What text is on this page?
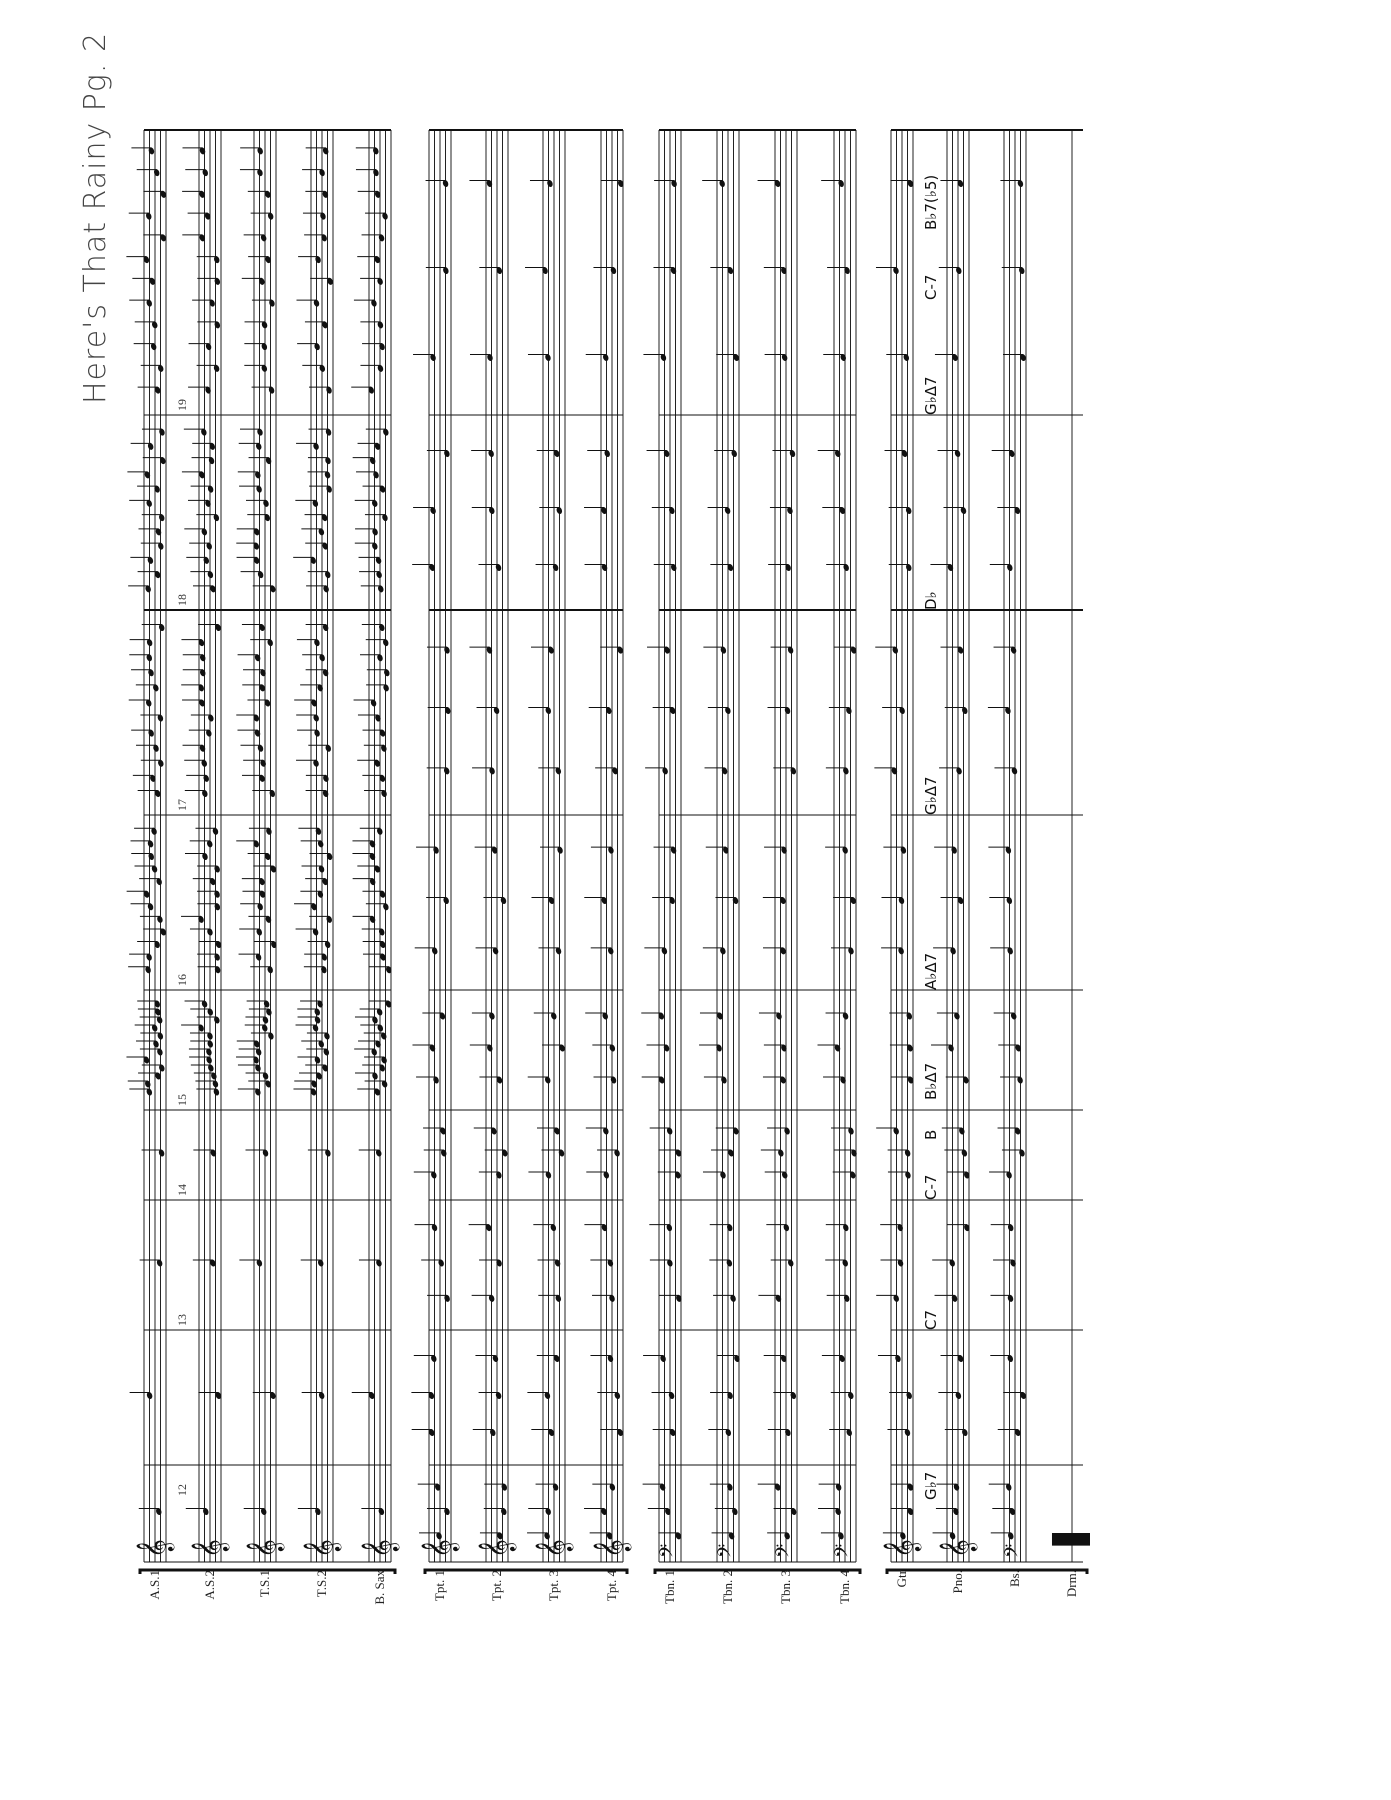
𝄞 𝄞 𝄞 𝄞 𝄞 𝄞 𝄞 𝄞 𝄞 𝄢 𝄢 𝄢 𝄢 𝄞 𝄞 𝄢 ▐
Here's That Rainy Pg. 2
A.S.1	A.S.2	T.S.1	T.S.2	B. Sax	Tpt. 1	Tpt. 2	Tpt. 3	Tpt. 4	Tbn. 1	Tbn. 2	Tbn. 3	Tbn. 4	Gtr	Pno.	Bs.	Drm.
12
13
14
15
16
17
18
19
G♭7
C7
C-7
B
B♭Δ7
A♭Δ7
G♭Δ7
D♭
G♭Δ7
C-7
B♭7(♭5)
